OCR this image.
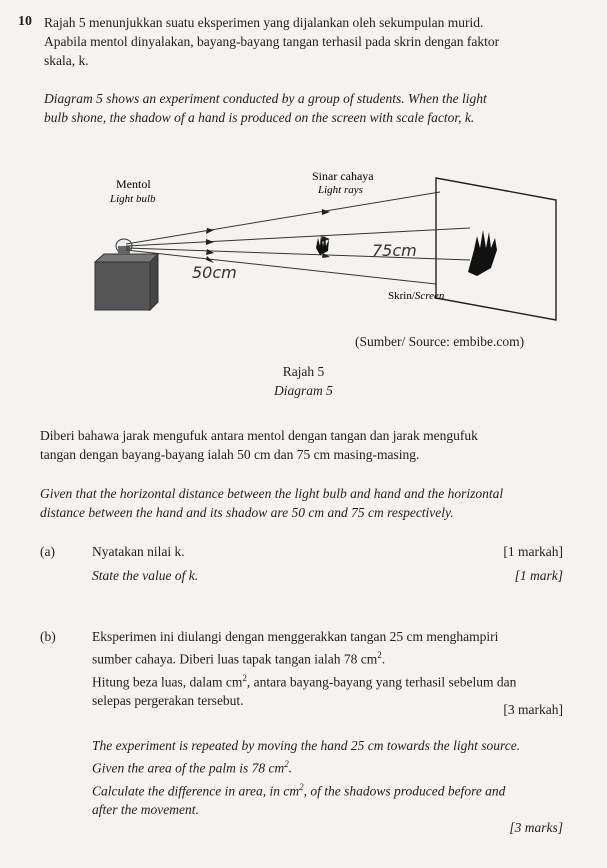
10 Rajah 5 menunjukkan suatu eksperimen yang dijalankan oleh sekumpulan murid.
Apabila mentol dinyalakan, bayang-bayang tangan terhasil pada skrin dengan faktor
skala, k.
Diagram 5 shows an experiment conducted by a group of students. When the light
bulb shone, the shadow of a hand is produced on the screen with scale factor, k.
Mentol
Light bulb
Sinar cahaya
Light rays
Skrin/Screen
50cm
75cm
(Sumber/ Source: embibe.com)
Rajah 5
Diagram 5
Diberi bahawa jarak mengufuk antara mentol dengan tangan dan jarak mengufuk
tangan dengan bayang-bayang ialah 50 cm dan 75 cm masing-masing.
Given that the horizontal distance between the light bulb and hand and the horizontal
distance between the hand and its shadow are 50 cm and 75 cm respectively.
(a)	Nyatakan nilai k.	[1 markah]
State the value of k.	[1 mark]
(b)	Eksperimen ini diulangi dengan menggerakkan tangan 25 cm menghampiri
sumber cahaya. Diberi luas tapak tangan ialah 78 $cm^2$.
Hitung beza luas, dalam $cm^2$, antara bayang-bayang yang terhasil sebelum dan
selepas pergerakan tersebut.
[3 markah]
The experiment is repeated by moving the hand 25 cm towards the light source.
Given the area of the palm is 78 $cm^2$.
Calculate the difference in area, in $cm^2$, of the shadows produced before and
after the movement.
[3 marks]
